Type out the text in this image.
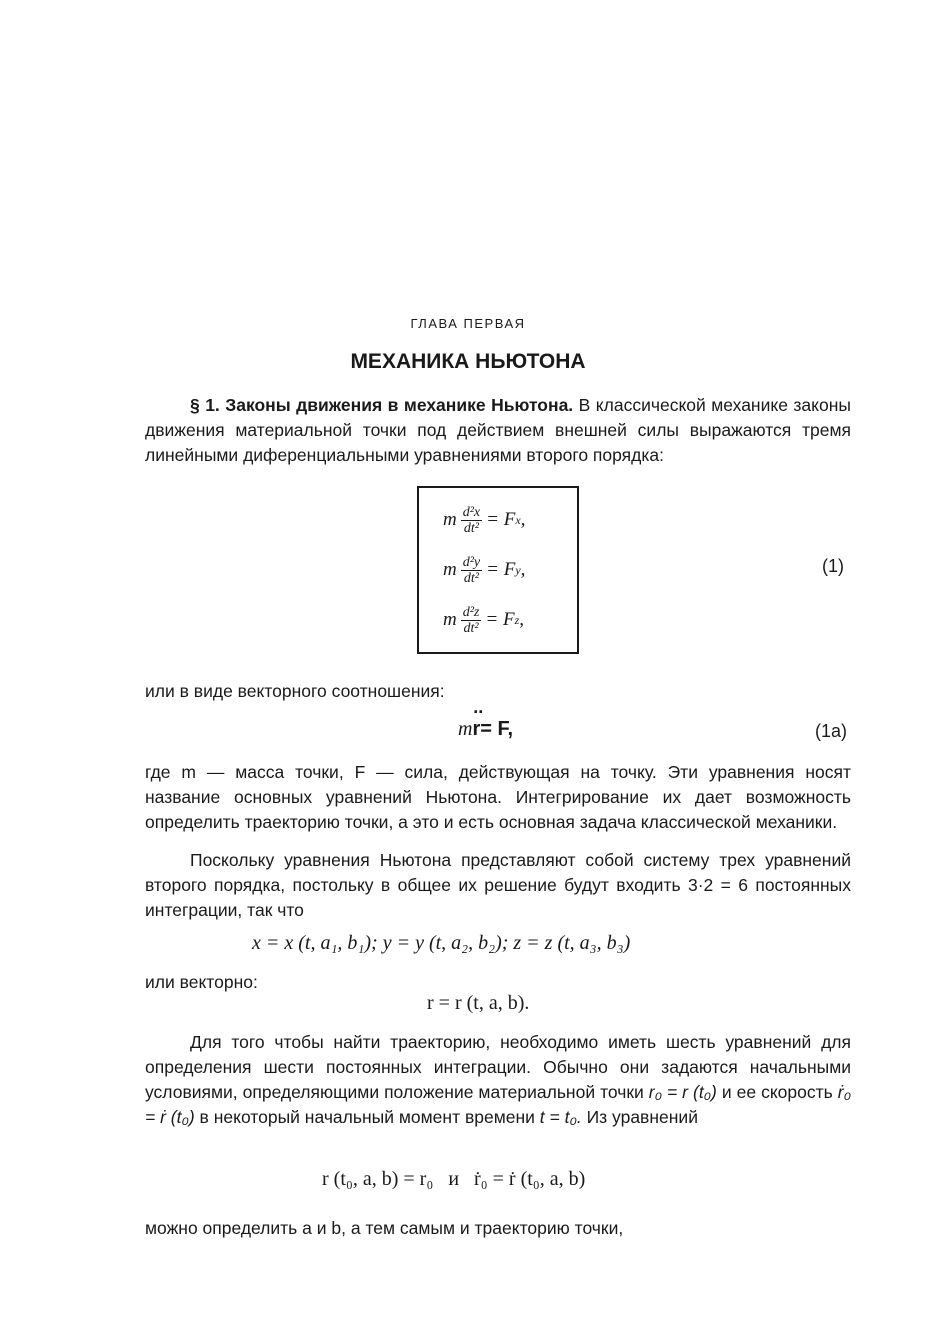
ГЛАВА ПЕРВАЯ
МЕХАНИКА НЬЮТОНА
§ 1. Законы движения в механике Ньютона. В классической механике законы движения материальной точки под действием внешней силы выражаются тремя линейными диференциальными уравнениями второго порядка:
m $\frac{\text{d²x}}{\text{dt²}} = F$ x ,
m $\frac{\text{d²y}}{\text{dt²}} = F$ y ,
m $\frac{\text{d²z}}{\text{dt²}} = F$ z ,
(1)
или в виде векторного соотношения:
m·· r= F,	(1а)
где m — масса точки, F — сила, действующая на точку. Эти уравнения носят название основных уравнений Ньютона. Интегрирование их дает возможность определить траекторию точки, а это и есть основная задача классической механики.
Поскольку уравнения Ньютона представляют собой систему трех уравнений второго порядка, постольку в общее их решение будут входить 3·2 = 6 постоянных интеграции, так что
x = x (t, a₁, b₁); y = y (t, a₂, b₂); z = z (t, a₃, b₃)
или векторно:
r = r (t, a, b).
Для того чтобы найти траекторию, необходимо иметь шесть уравнений для определения шести постоянных интеграции. Обычно они задаются начальными условиями, определяющими положение материальной точки r₀ = r (t₀) и ее скорость ṙ₀ = ṙ (t₀) в некоторый начальный момент времени t = t₀. Из уравнений
r (t₀, a, b) = r₀ и ṙ₀ = ṙ (t₀, a, b)
можно определить a и b, а тем самым и траекторию точки,
